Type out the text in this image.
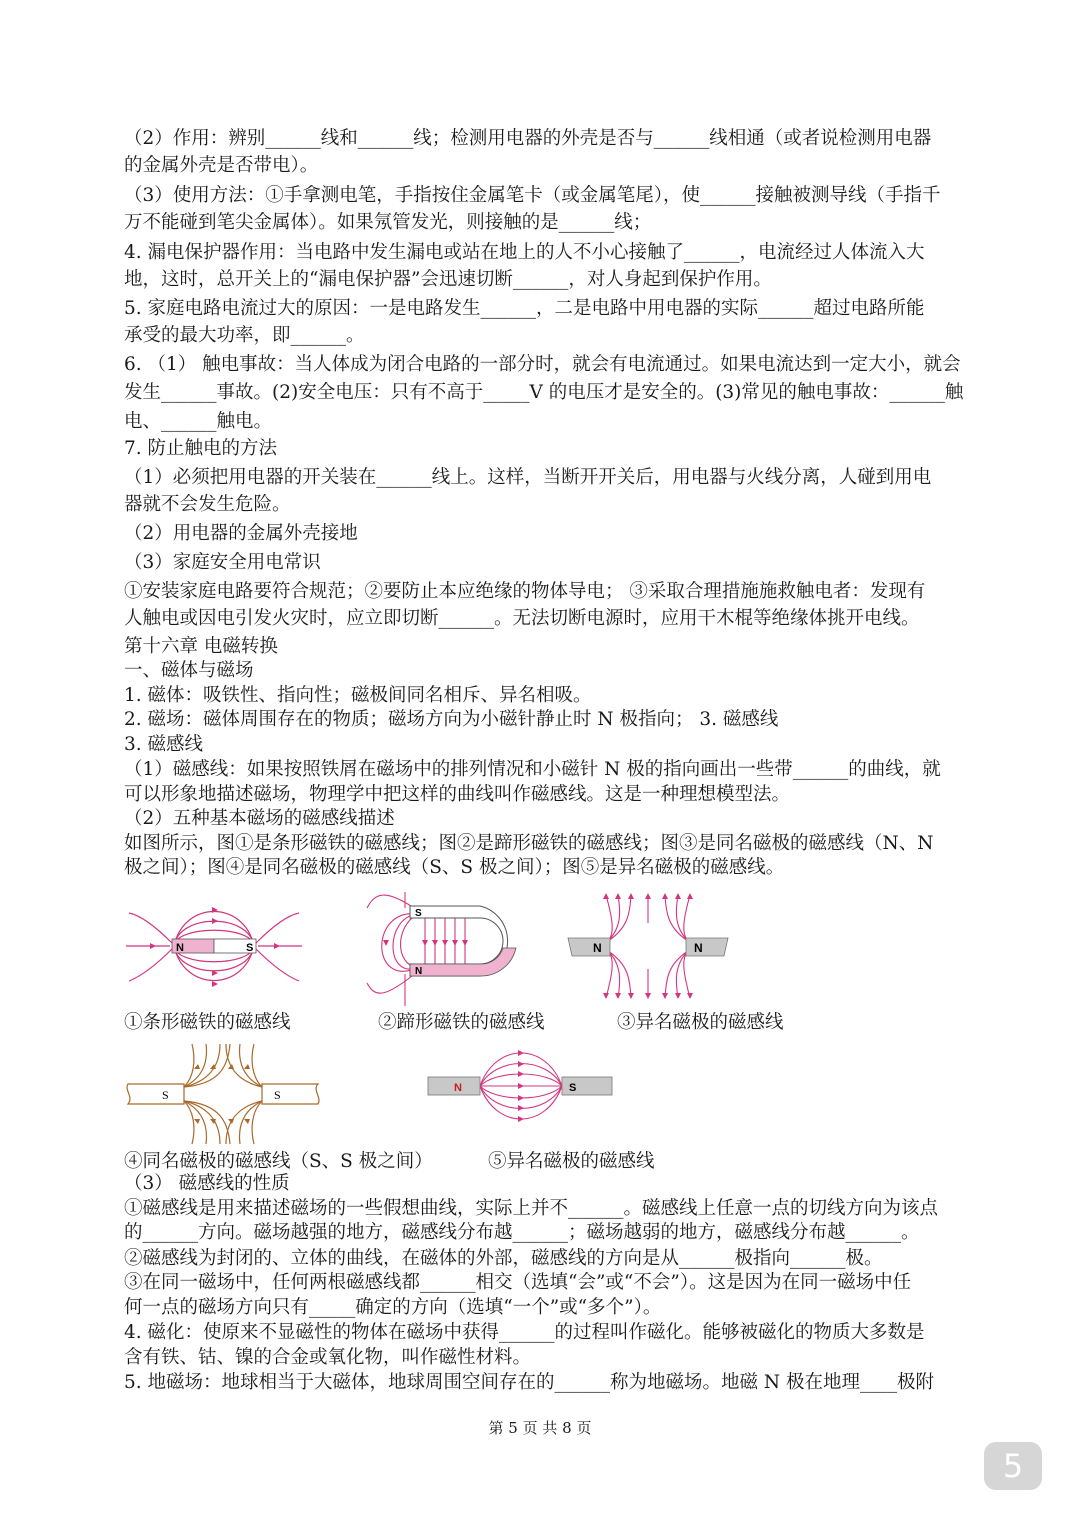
（2）作用：辨别______线和______线；检测用电器的外壳是否与______线相通（或者说检测用电器
的金属外壳是否带电）。
（3）使用方法：①手拿测电笔，手指按住金属笔卡（或金属笔尾），使______接触被测导线（手指千
万不能碰到笔尖金属体）。如果氖管发光，则接触的是______线；
4. 漏电保护器作用：当电路中发生漏电或站在地上的人不小心接触了______，电流经过人体流入大
地，这时，总开关上的“漏电保护器”会迅速切断______，对人身起到保护作用。
5. 家庭电路电流过大的原因：一是电路发生______，二是电路中用电器的实际______超过电路所能
承受的最大功率，即______。
6. （1） 触电事故：当人体成为闭合电路的一部分时，就会有电流通过。如果电流达到一定大小，就会
发生______事故。(2)安全电压：只有不高于_____V 的电压才是安全的。(3)常见的触电事故：______触
电、______触电。
7. 防止触电的方法
（1）必须把用电器的开关装在______线上。这样，当断开开关后，用电器与火线分离，人碰到用电
器就不会发生危险。
（2）用电器的金属外壳接地
（3）家庭安全用电常识
①安装家庭电路要符合规范；②要防止本应绝缘的物体导电； ③采取合理措施施救触电者：发现有
人触电或因电引发火灾时，应立即切断______。无法切断电源时，应用干木棍等绝缘体挑开电线。
第十六章 电磁转换
一、磁体与磁场
1. 磁体：吸铁性、指向性；磁极间同名相斥、异名相吸。
2. 磁场：磁体周围存在的物质；磁场方向为小磁针静止时 N 极指向； 3. 磁感线
3. 磁感线
（1）磁感线：如果按照铁屑在磁场中的排列情况和小磁针 N 极的指向画出一些带______的曲线，就
可以形象地描述磁场，物理学中把这样的曲线叫作磁感线。这是一种理想模型法。
（2）五种基本磁场的磁感线描述
如图所示，图①是条形磁铁的磁感线；图②是蹄形磁铁的磁感线；图③是同名磁极的磁感线（N、N
极之间）；图④是同名磁极的磁感线（S、S 极之间）；图⑤是异名磁极的磁感线。
N	S
S
N
N	N
①条形磁铁的磁感线	②蹄形磁铁的磁感线	③异名磁极的磁感线
S	S	N	S
④同名磁极的磁感线（S、S 极之间）	⑤异名磁极的磁感线
（3） 磁感线的性质
①磁感线是用来描述磁场的一些假想曲线，实际上并不______。磁感线上任意一点的切线方向为该点
的______方向。磁场越强的地方，磁感线分布越______；磁场越弱的地方，磁感线分布越______。
②磁感线为封闭的、立体的曲线，在磁体的外部，磁感线的方向是从______极指向______极。
③在同一磁场中，任何两根磁感线都______相交（选填“会”或“不会”）。这是因为在同一磁场中任
何一点的磁场方向只有_____确定的方向（选填“一个”或“多个”）。
4. 磁化：使原来不显磁性的物体在磁场中获得______的过程叫作磁化。能够被磁化的物质大多数是
含有铁、钴、镍的合金或氧化物，叫作磁性材料。
5. 地磁场：地球相当于大磁体，地球周围空间存在的______称为地磁场。地磁 N 极在地理____极附
第 5 页 共 8 页
5
